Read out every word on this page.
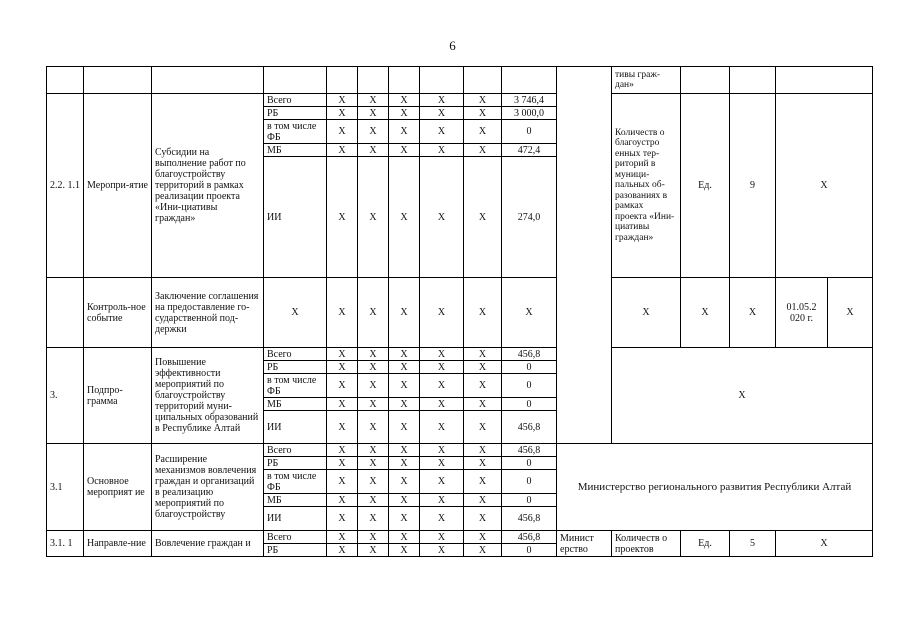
6
											тивы граж-дан»				
2.2. 1.1	Меропри-ятие	Субсидии на выполнение работ по благоустройству территорий в рамках реализации проекта «Ини-циативы граждан»	Всего	Х	Х	Х	Х	Х	3 746,4		Количеств о благоустро енных тер-риторий в муници-пальных об-разованиях в рамках проекта «Ини-циативы граждан»	Ед.	9	Х	
			РБ	Х	Х	Х	Х	Х	3 000,0						
			в том числе ФБ	Х	Х	Х	Х	Х	0						
			МБ	Х	Х	Х	Х	Х	472,4						
			ИИ	Х	Х	Х	Х	Х	274,0						
	Контроль-ное событие	Заключение соглашения на предоставление го-сударственной под-держки	Х	Х	Х	Х	Х	Х	Х		Х	Х	Х	01.05.2 020 г.	Х
3.	Подпро-грамма	Повышение эффективности мероприятий по благоустройству территорий муни-ципальных образований в Республике Алтай	Всего	Х	Х	Х	Х	Х	456,8		Х				
			РБ	Х	Х	Х	Х	Х	0						
			в том числе ФБ	Х	Х	Х	Х	Х	0						
			МБ	Х	Х	Х	Х	Х	0						
			ИИ	Х	Х	Х	Х	Х	456,8						
3.1	Основное мероприят ие	Расширение механизмов вовлечения граждан и организаций в реализацию мероприятий по благоустройству	Всего	Х	Х	Х	Х	Х	456,8	Министерство регионального развития Республики Алтай					
			РБ	Х	Х	Х	Х	Х	0						
			в том числе ФБ	Х	Х	Х	Х	Х	0						
			МБ	Х	Х	Х	Х	Х	0						
			ИИ	Х	Х	Х	Х	Х	456,8						
3.1. 1	Направле-ние	Вовлечение граждан и	Всего	Х	Х	Х	Х	Х	456,8	Минист ерство	Количеств о проектов	Ед.	5	Х	
			РБ	Х	Х	Х	Х	Х	0						
